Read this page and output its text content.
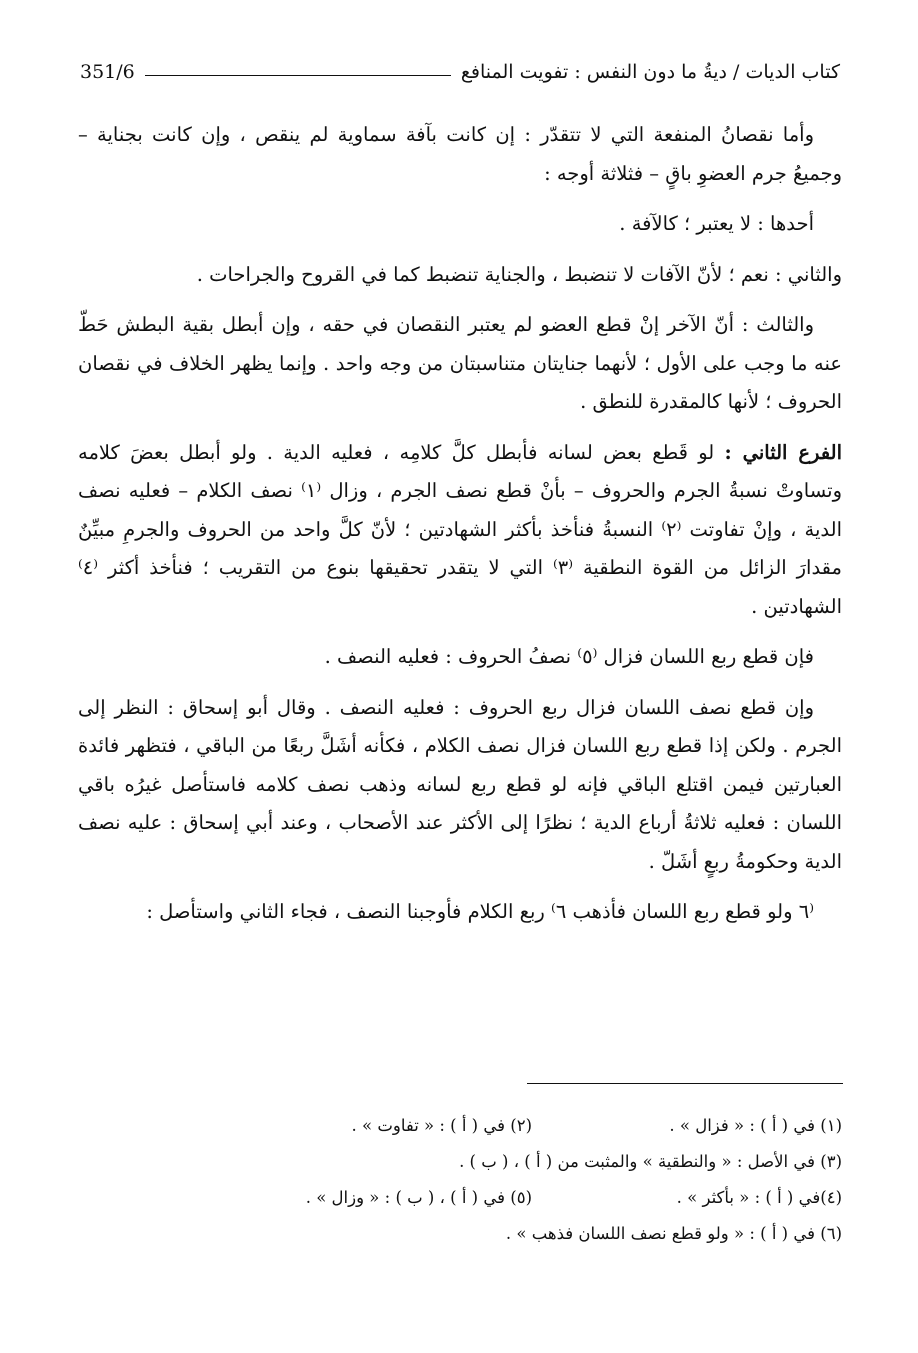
كتاب الديات / ديةُ ما دون النفس : تفويت المنافع
351/6

وأما نقصانُ المنفعة التي لا تتقدّر : إن كانت بآفة سماوية لم ينقص ، وإن كانت بجناية – وجميعُ جرم العضوِ باقٍ – فثلاثة أوجه :

أحدها : لا يعتبر ؛ كالآفة .

والثاني : نعم ؛ لأنّ الآفات لا تنضبط ، والجناية تنضبط كما في القروح والجراحات .

والثالث : أنّ الآخر إنْ قطع العضو لم يعتبر النقصان في حقه ، وإن أبطل بقية البطش حَطّ عنه ما وجب على الأول ؛ لأنهما جنايتان متناسبتان من وجه واحد . وإنما يظهر الخلاف في نقصان الحروف ؛ لأنها كالمقدرة للنطق .

الفرع الثاني : لو قَطع بعض لسانه فأبطل كلَّ كلامِه ، فعليه الدية . ولو أبطل بعضَ كلامه وتساوتْ نسبةُ الجرم والحروف – بأنْ قطع نصف الجرم ، وزال ⁽١⁾ نصف الكلام – فعليه نصف الدية ، وإنْ تفاوتت ⁽٢⁾ النسبةُ فنأخذ بأكثر الشهادتين ؛ لأنّ كلَّ واحد من الحروف والجرمِ مبيِّنٌ مقدارَ الزائل من القوة النطقية ⁽٣⁾ التي لا يتقدر تحقيقها بنوع من التقريب ؛ فنأخذ أكثر ⁽٤⁾ الشهادتين .

فإن قطع ربع اللسان فزال ⁽٥⁾ نصفُ الحروف : فعليه النصف .

وإن قطع نصف اللسان فزال ربع الحروف : فعليه النصف . وقال أبو إسحاق : النظر إلى الجرم . ولكن إذا قطع ربع اللسان فزال نصف الكلام ، فكأنه أشَلَّ ربعًا من الباقي ، فتظهر فائدة العبارتين فيمن اقتلع الباقي فإنه لو قطع ربع لسانه وذهب نصف كلامه فاستأصل غيرُه باقي اللسان : فعليه ثلاثةُ أرباع الدية ؛ نظرًا إلى الأكثر عند الأصحاب ، وعند أبي إسحاق : عليه نصف الدية وحكومةُ ربعٍ أشَلّ .

⁽٦ ولو قطع ربع اللسان فأذهب ٦⁾ ربع الكلام فأوجبنا النصف ، فجاء الثاني واستأصل :

(١) في ( أ ) : « فزال » .
(٢) في ( أ ) : « تفاوت » .
(٣) في الأصل : « والنطقية » والمثبت من ( أ ) ، ( ب ) .
(٤)في ( أ ) : « بأكثر » .
(٥) في ( أ ) ، ( ب ) : « وزال » .
(٦) في ( أ ) : « ولو قطع نصف اللسان فذهب » .
